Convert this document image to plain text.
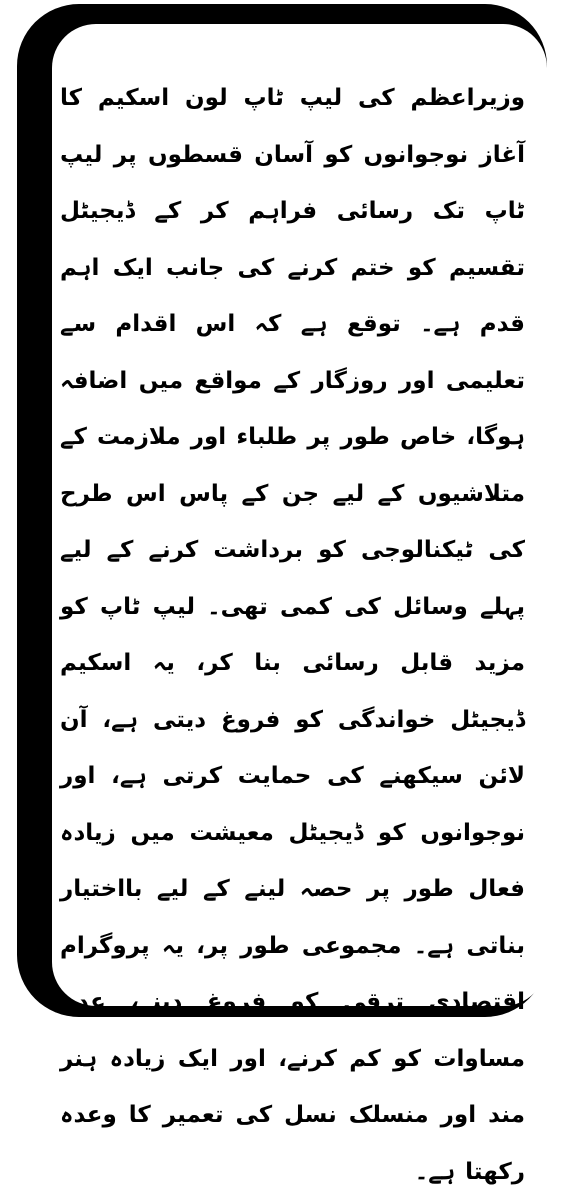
وزیراعظم کی لیپ ٹاپ لون اسکیم کا آغاز نوجوانوں کو آسان قسطوں پر لیپ ٹاپ تک رسائی فراہم کر کے ڈیجیٹل تقسیم کو ختم کرنے کی جانب ایک اہم قدم ہے۔ توقع ہے کہ اس اقدام سے تعلیمی اور روزگار کے مواقع میں اضافہ ہوگا، خاص طور پر طلباء اور ملازمت کے متلاشیوں کے لیے جن کے پاس اس طرح کی ٹیکنالوجی کو برداشت کرنے کے لیے پہلے وسائل کی کمی تھی۔ لیپ ٹاپ کو مزید قابل رسائی بنا کر، یہ اسکیم ڈیجیٹل خواندگی کو فروغ دیتی ہے، آن لائن سیکھنے کی حمایت کرتی ہے، اور نوجوانوں کو ڈیجیٹل معیشت میں زیادہ فعال طور پر حصہ لینے کے لیے بااختیار بناتی ہے۔ مجموعی طور پر، یہ پروگرام اقتصادی ترقی کو فروغ دینے، عدم مساوات کو کم کرنے، اور ایک زیادہ ہنر مند اور منسلک نسل کی تعمیر کا وعدہ رکھتا ہے۔
